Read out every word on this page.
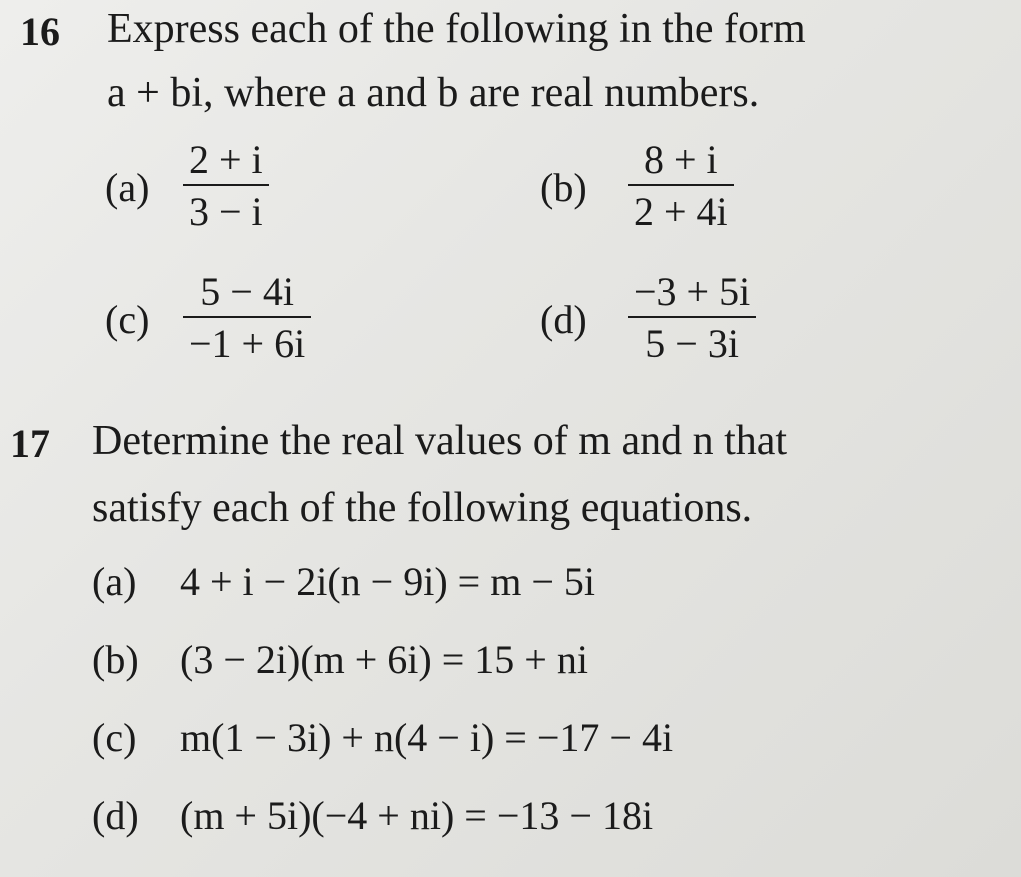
16 Express each of the following in the form
a + bi, where a and b are real numbers.
(a)
2 + i
3 − i
(b)
8 + i
2 + 4i
(c)
5 − 4i
−1 + 6i
(d)
−3 + 5i
5 − 3i
17 Determine the real values of m and n that
satisfy each of the following equations.
(a) 4 + i − 2i(n − 9i) = m − 5i
(b) (3 − 2i)(m + 6i) = 15 + ni
(c) m(1 − 3i) + n(4 − i) = −17 − 4i
(d) (m + 5i)(−4 + ni) = −13 − 18i
